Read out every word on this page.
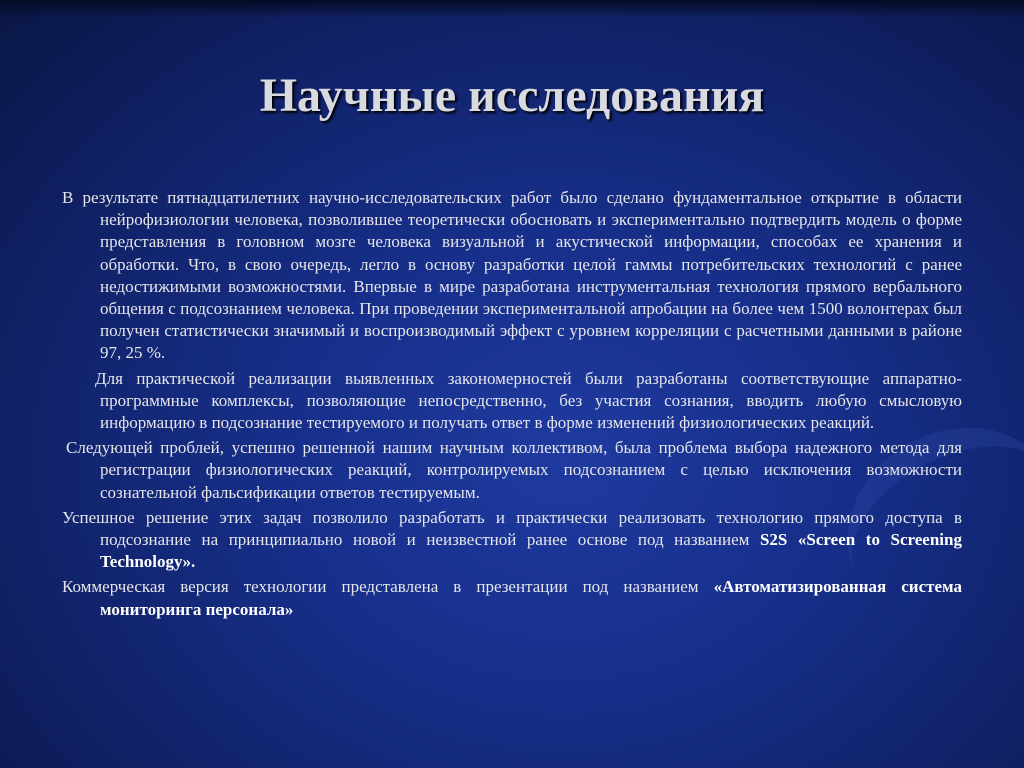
Научные исследования

В результате пятнадцатилетних научно-исследовательских работ было сделано фундаментальное открытие в области нейрофизиологии человека, позволившее теоретически обосновать и экспериментально подтвердить модель о форме представления в головном мозге человека визуальной и акустической информации, способах ее хранения и обработки. Что, в свою очередь, легло в основу разработки целой гаммы потребительских технологий с ранее недостижимыми возможностями. Впервые в мире разработана инструментальная технология прямого вербального общения с подсознанием человека. При проведении экспериментальной апробации на более чем 1500 волонтерах был получен статистически значимый и воспроизводимый эффект с уровнем корреляции с расчетными данными в районе 97, 25 %.

Для практической реализации выявленных закономерностей были разработаны соответствующие аппаратно- программные комплексы, позволяющие непосредственно, без участия сознания, вводить любую смысловую информацию в подсознание тестируемого и получать ответ в форме изменений физиологических реакций.

Следующей проблей, успешно решенной нашим научным коллективом, была проблема выбора надежного метода для регистрации физиологических реакций, контролируемых подсознанием с целью исключения возможности сознательной фальсификации ответов тестируемым.

Успешное решение этих задач позволило разработать и практически реализовать технологию прямого доступа в подсознание на принципиально новой и неизвестной ранее основе под названием S2S «Screen to Screening Technology».

Коммерческая версия технологии представлена в презентации под названием «Автоматизированная система мониторинга персонала»
